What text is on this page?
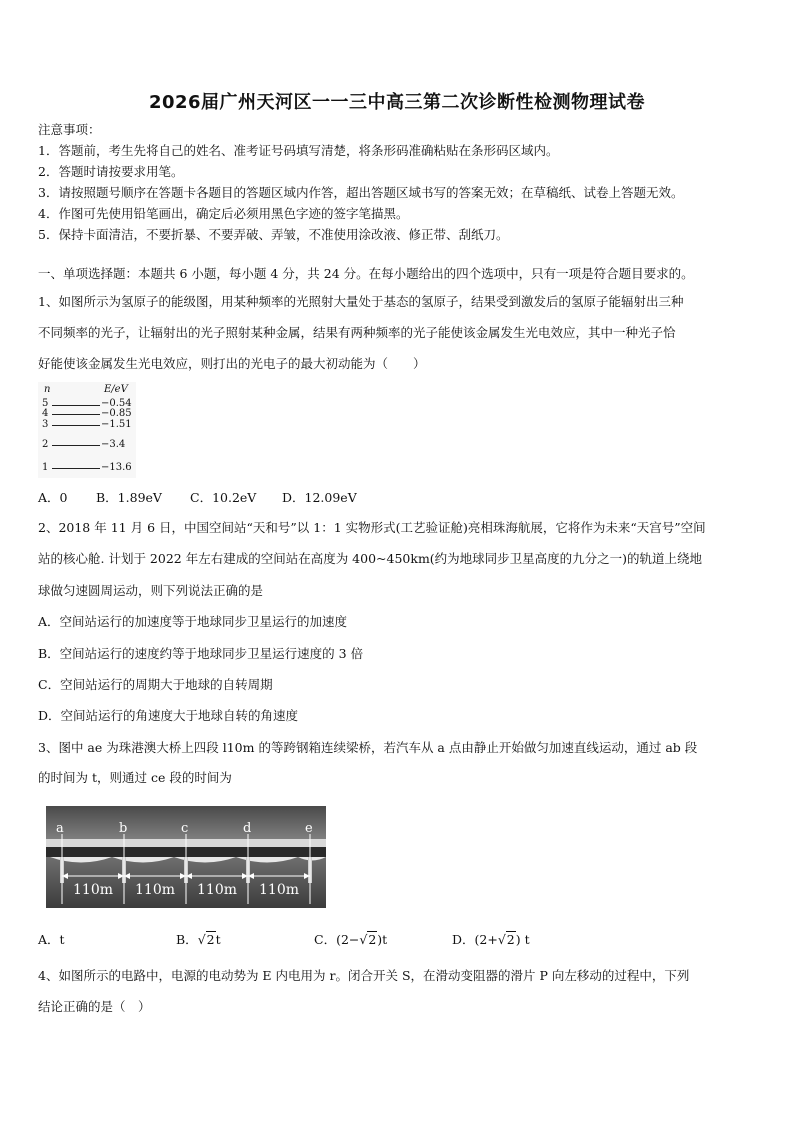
2026届广州天河区一一三中高三第二次诊断性检测物理试卷
注意事项：
1．答题前，考生先将自己的姓名、准考证号码填写清楚，将条形码准确粘贴在条形码区域内。
2．答题时请按要求用笔。
3．请按照题号顺序在答题卡各题目的答题区域内作答，超出答题区域书写的答案无效；在草稿纸、试卷上答题无效。
4．作图可先使用铅笔画出，确定后必须用黑色字迹的签字笔描黑。
5．保持卡面清洁，不要折暴、不要弄破、弄皱，不准使用涂改液、修正带、刮纸刀。
一、单项选择题：本题共 6 小题，每小题 4 分，共 24 分。在每小题给出的四个选项中，只有一项是符合题目要求的。
1、如图所示为氢原子的能级图，用某种频率的光照射大量处于基态的氢原子，结果受到激发后的氢原子能辐射出三种
不同频率的光子，让辐射出的光子照射某种金属，结果有两种频率的光子能使该金属发生光电效应，其中一种光子恰
好能使该金属发生光电效应，则打出的光电子的最大初动能为（　　）
n	E/eV
5	−0.54
4	−0.85
3	−1.51
2	−3.4
1	−13.6
A．0 B．1.89eV C．10.2eV D．12.09eV
2、2018 年 11 月 6 日，中国空间站“天和号”以 1：1 实物形式(工艺验证舱)亮相珠海航展，它将作为未来“天宫号”空间
站的核心舱. 计划于 2022 年左右建成的空间站在高度为 400~450km(约为地球同步卫星高度的九分之一)的轨道上绕地
球做匀速圆周运动，则下列说法正确的是
A．空间站运行的加速度等于地球同步卫星运行的加速度
B．空间站运行的速度约等于地球同步卫星运行速度的 3 倍
C．空间站运行的周期大于地球的自转周期
D．空间站运行的角速度大于地球自转的角速度
3、图中 ae 为珠港澳大桥上四段 l10m 的等跨钢箱连续梁桥，若汽车从 a 点由静止开始做匀加速直线运动，通过 ab 段
的时间为 t，则通过 ce 段的时间为
a	b	c	d	e
110m 110m 110m 110m
A．t	B．√2t	C．(2−√2)t	D．(2+√2) t
4、如图所示的电路中，电源的电动势为 E 内电用为 r。闭合开关 S，在滑动变阻器的滑片 P 向左移动的过程中，下列
结论正确的是（　）
